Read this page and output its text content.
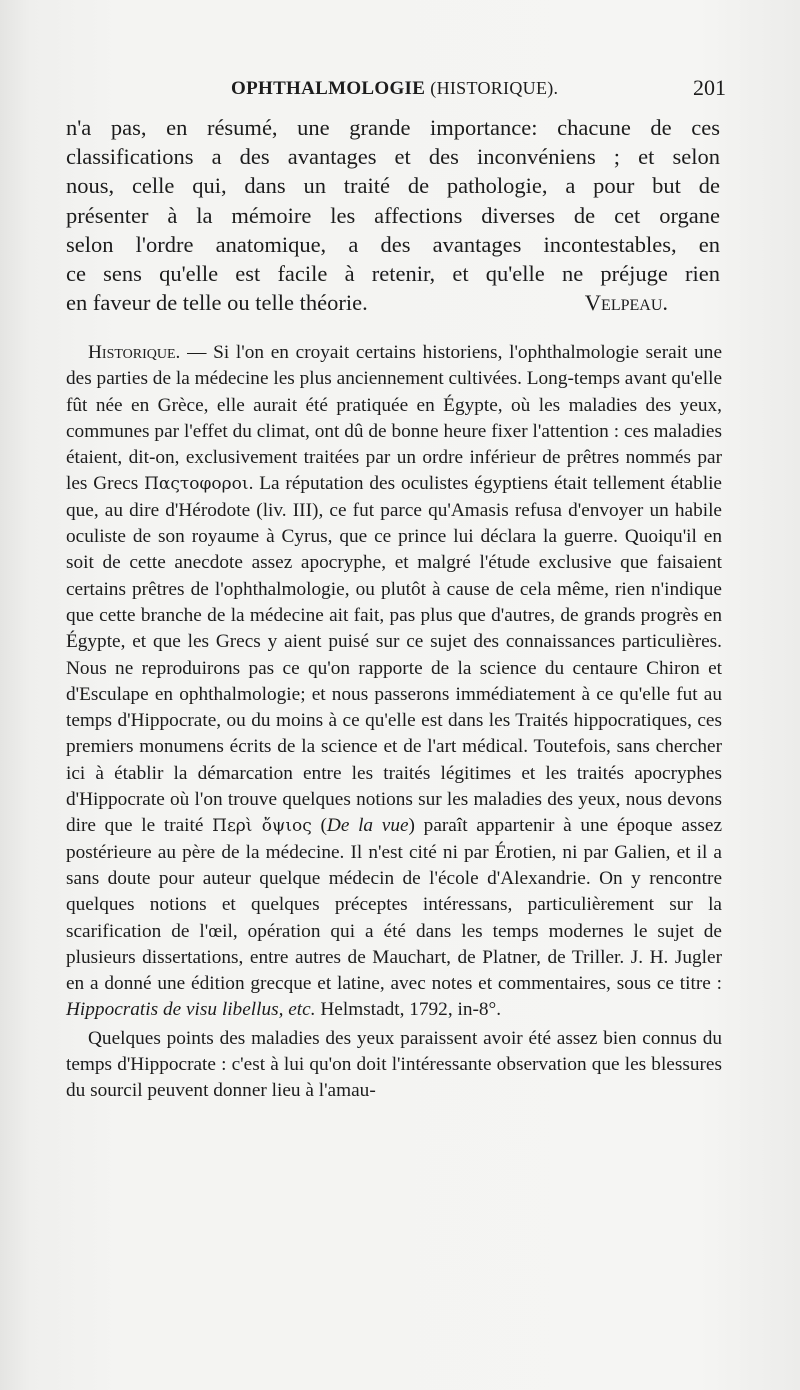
OPHTHALMOLOGIE (HISTORIQUE).	201
n'a pas, en résumé, une grande importance: chacune de ces
classifications a des avantages et des inconvéniens ; et selon
nous, celle qui, dans un traité de pathologie, a pour but de
présenter à la mémoire les affections diverses de cet organe
selon l'ordre anatomique, a des avantages incontestables, en
ce sens qu'elle est facile à retenir, et qu'elle ne préjuge rien
en faveur de telle ou telle théorie.	Velpeau.

Historique. — Si l'on en croyait certains historiens, l'ophthalmologie serait une des parties de la médecine les plus anciennement cultivées. Long-temps avant qu'elle fût née en Grèce, elle aurait été pratiquée en Égypte, où les maladies des yeux, communes par l'effet du climat, ont dû de bonne heure fixer l'attention : ces maladies étaient, dit-on, exclusivement traitées par un ordre inférieur de prêtres nommés par les Grecs Παςτοφοροι. La réputation des oculistes égyptiens était tellement établie que, au dire d'Hérodote (liv. III), ce fut parce qu'Amasis refusa d'envoyer un habile oculiste de son royaume à Cyrus, que ce prince lui déclara la guerre. Quoiqu'il en soit de cette anecdote assez apocryphe, et malgré l'étude exclusive que faisaient certains prêtres de l'ophthalmologie, ou plutôt à cause de cela même, rien n'indique que cette branche de la médecine ait fait, pas plus que d'autres, de grands progrès en Égypte, et que les Grecs y aient puisé sur ce sujet des connaissances particulières. Nous ne reproduirons pas ce qu'on rapporte de la science du centaure Chiron et d'Esculape en ophthalmologie; et nous passerons immédiatement à ce qu'elle fut au temps d'Hippocrate, ou du moins à ce qu'elle est dans les Traités hippocratiques, ces premiers monumens écrits de la science et de l'art médical. Toutefois, sans chercher ici à établir la démarcation entre les traités légitimes et les traités apocryphes d'Hippocrate où l'on trouve quelques notions sur les maladies des yeux, nous devons dire que le traité Περὶ ὄψιος (De la vue) paraît appartenir à une époque assez postérieure au père de la médecine. Il n'est cité ni par Érotien, ni par Galien, et il a sans doute pour auteur quelque médecin de l'école d'Alexandrie. On y rencontre quelques notions et quelques préceptes intéressans, particulièrement sur la scarification de l'œil, opération qui a été dans les temps modernes le sujet de plusieurs dissertations, entre autres de Mauchart, de Platner, de Triller. J. H. Jugler en a donné une édition grecque et latine, avec notes et commentaires, sous ce titre : Hippocratis de visu libellus, etc. Helmstadt, 1792, in-8°.

Quelques points des maladies des yeux paraissent avoir été assez bien connus du temps d'Hippocrate : c'est à lui qu'on doit l'intéressante observation que les blessures du sourcil peuvent donner lieu à l'amau-
